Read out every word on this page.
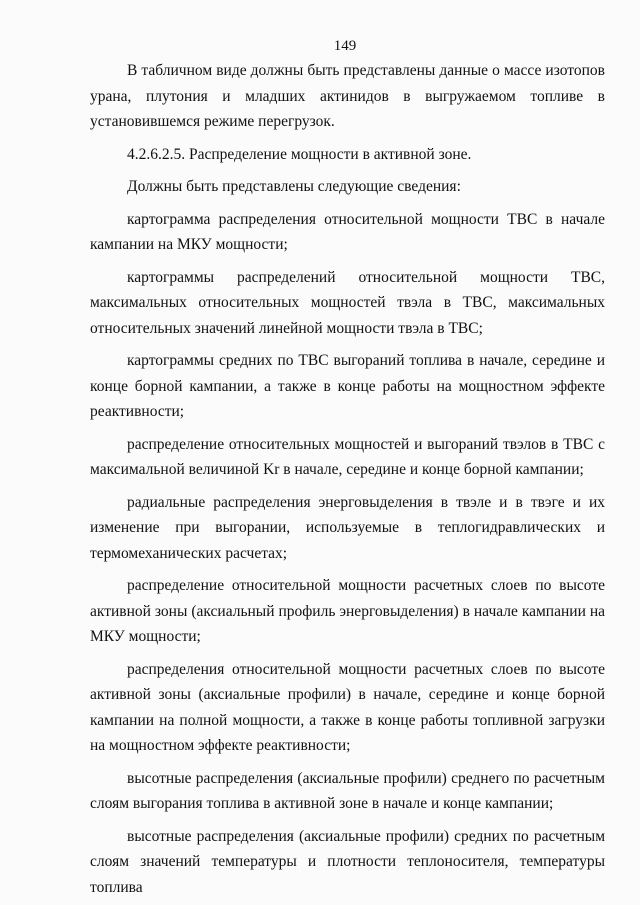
149

В табличном виде должны быть представлены данные о массе изотопов урана, плутония и младших актинидов в выгружаемом топливе в установившемся режиме перегрузок.

4.2.6.2.5. Распределение мощности в активной зоне.

Должны быть представлены следующие сведения:

картограмма распределения относительной мощности ТВС в начале кампании на МКУ мощности;

картограммы распределений относительной мощности ТВС, максимальных относительных мощностей твэла в ТВС, максимальных относительных значений линейной мощности твэла в ТВС;

картограммы средних по ТВС выгораний топлива в начале, середине и конце борной кампании, а также в конце работы на мощностном эффекте реактивности;

распределение относительных мощностей и выгораний твэлов в ТВС с максимальной величиной Kr в начале, середине и конце борной кампании;

радиальные распределения энерговыделения в твэле и в твэге и их изменение при выгорании, используемые в теплогидравлических и термомеханических расчетах;

распределение относительной мощности расчетных слоев по высоте активной зоны (аксиальный профиль энерговыделения) в начале кампании на МКУ мощности;

распределения относительной мощности расчетных слоев по высоте активной зоны (аксиальные профили) в начале, середине и конце борной кампании на полной мощности, а также в конце работы топливной загрузки на мощностном эффекте реактивности;

высотные распределения (аксиальные профили) среднего по расчетным слоям выгорания топлива в активной зоне в начале и конце кампании;

высотные распределения (аксиальные профили) средних по расчетным слоям значений температуры и плотности теплоносителя, температуры топлива
